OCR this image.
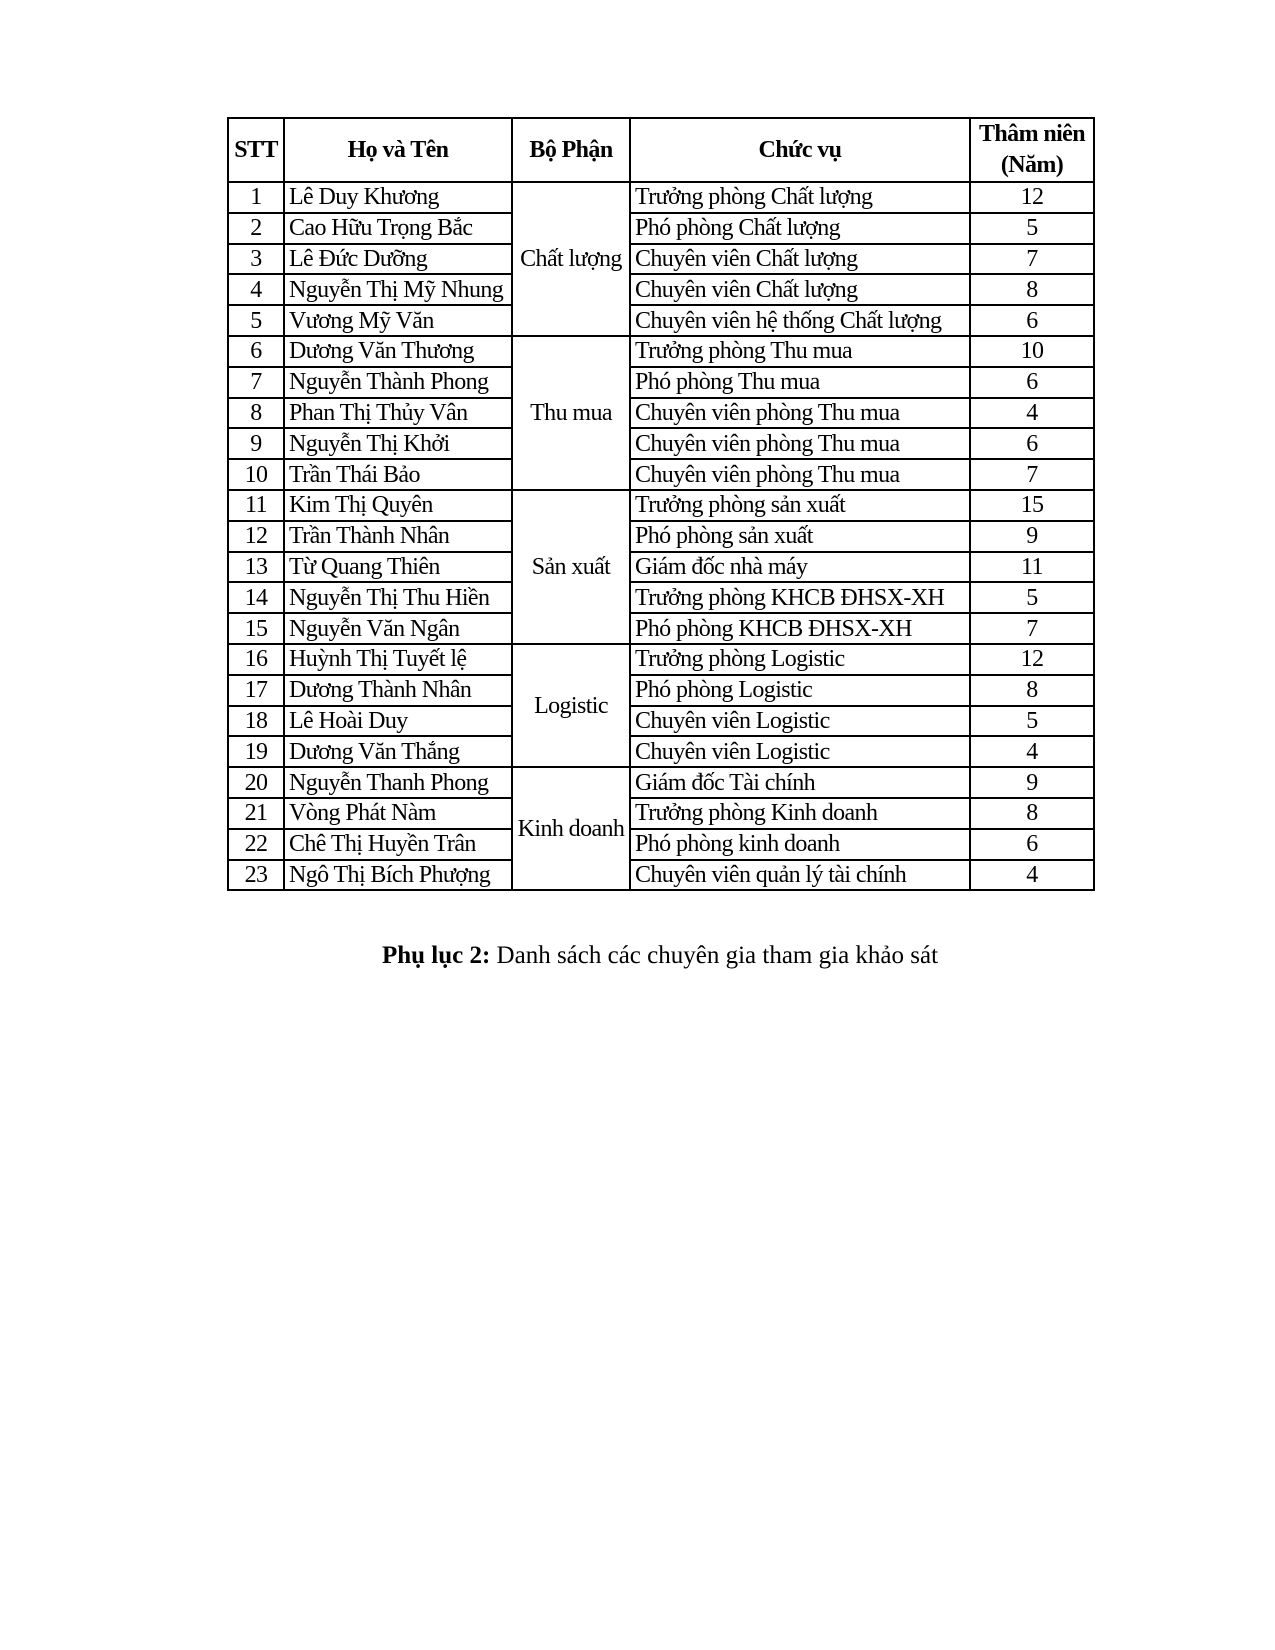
STT	Họ và Tên	Bộ Phận	Chức vụ	Thâm niên
(Năm)
1	Lê Duy Khương	Chất lượng	Trưởng phòng Chất lượng	12
2	Cao Hữu Trọng Bắc		Phó phòng Chất lượng	5
3	Lê Đức Dưỡng		Chuyên viên Chất lượng	7
4	Nguyễn Thị Mỹ Nhung		Chuyên viên Chất lượng	8
5	Vương Mỹ Văn		Chuyên viên hệ thống Chất lượng	6
6	Dương Văn Thương	Thu mua	Trưởng phòng Thu mua	10
7	Nguyễn Thành Phong		Phó phòng Thu mua	6
8	Phan Thị Thủy Vân		Chuyên viên phòng Thu mua	4
9	Nguyễn Thị Khởi		Chuyên viên phòng Thu mua	6
10	Trần Thái Bảo		Chuyên viên phòng Thu mua	7
11	Kim Thị Quyên	Sản xuất	Trưởng phòng sản xuất	15
12	Trần Thành Nhân		Phó phòng sản xuất	9
13	Từ Quang Thiên		Giám đốc nhà máy	11
14	Nguyễn Thị Thu Hiền		Trưởng phòng KHCB ĐHSX-XH	5
15	Nguyễn Văn Ngân		Phó phòng KHCB ĐHSX-XH	7
16	Huỳnh Thị Tuyết lệ	Logistic	Trưởng phòng Logistic	12
17	Dương Thành Nhân		Phó phòng Logistic	8
18	Lê Hoài Duy		Chuyên viên Logistic	5
19	Dương Văn Thắng		Chuyên viên Logistic	4
20	Nguyễn Thanh Phong	Kinh doanh	Giám đốc Tài chính	9
21	Vòng Phát Nàm		Trưởng phòng Kinh doanh	8
22	Chê Thị Huyền Trân		Phó phòng kinh doanh	6
23	Ngô Thị Bích Phượng		Chuyên viên quản lý tài chính	4
Phụ lục 2: Danh sách các chuyên gia tham gia khảo sát
